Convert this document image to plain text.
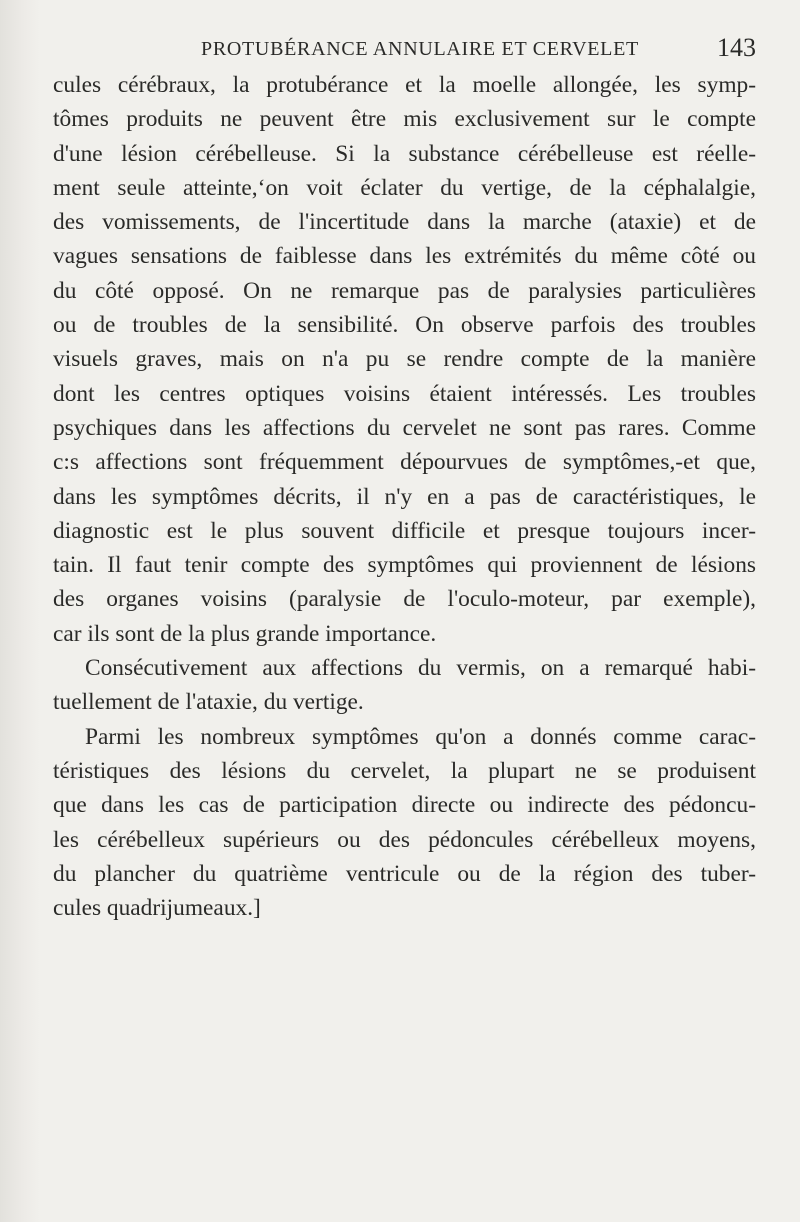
PROTUBÉRANCE ANNULAIRE ET CERVELET	143
cules cérébraux, la protubérance et la moelle allongée, les symp-
tômes produits ne peuvent être mis exclusivement sur le compte
d'une lésion cérébelleuse. Si la substance cérébelleuse est réelle-
ment seule atteinte,‘on voit éclater du vertige, de la céphalalgie,
des vomissements, de l'incertitude dans la marche (ataxie) et de
vagues sensations de faiblesse dans les extrémités du même côté ou
du côté opposé. On ne remarque pas de paralysies particulières
ou de troubles de la sensibilité. On observe parfois des troubles
visuels graves, mais on n'a pu se rendre compte de la manière
dont les centres optiques voisins étaient intéressés. Les troubles
psychiques dans les affections du cervelet ne sont pas rares. Comme
c:s affections sont fréquemment dépourvues de symptômes,-et que,
dans les symptômes décrits, il n'y en a pas de caractéristiques, le
diagnostic est le plus souvent difficile et presque toujours incer-
tain. Il faut tenir compte des symptômes qui proviennent de lésions
des organes voisins (paralysie de l'oculo-moteur, par exemple),
car ils sont de la plus grande importance.
Consécutivement aux affections du vermis, on a remarqué habi-
tuellement de l'ataxie, du vertige.
Parmi les nombreux symptômes qu'on a donnés comme carac-
téristiques des lésions du cervelet, la plupart ne se produisent
que dans les cas de participation directe ou indirecte des pédoncu-
les cérébelleux supérieurs ou des pédoncules cérébelleux moyens,
du plancher du quatrième ventricule ou de la région des tuber-
cules quadrijumeaux.]
